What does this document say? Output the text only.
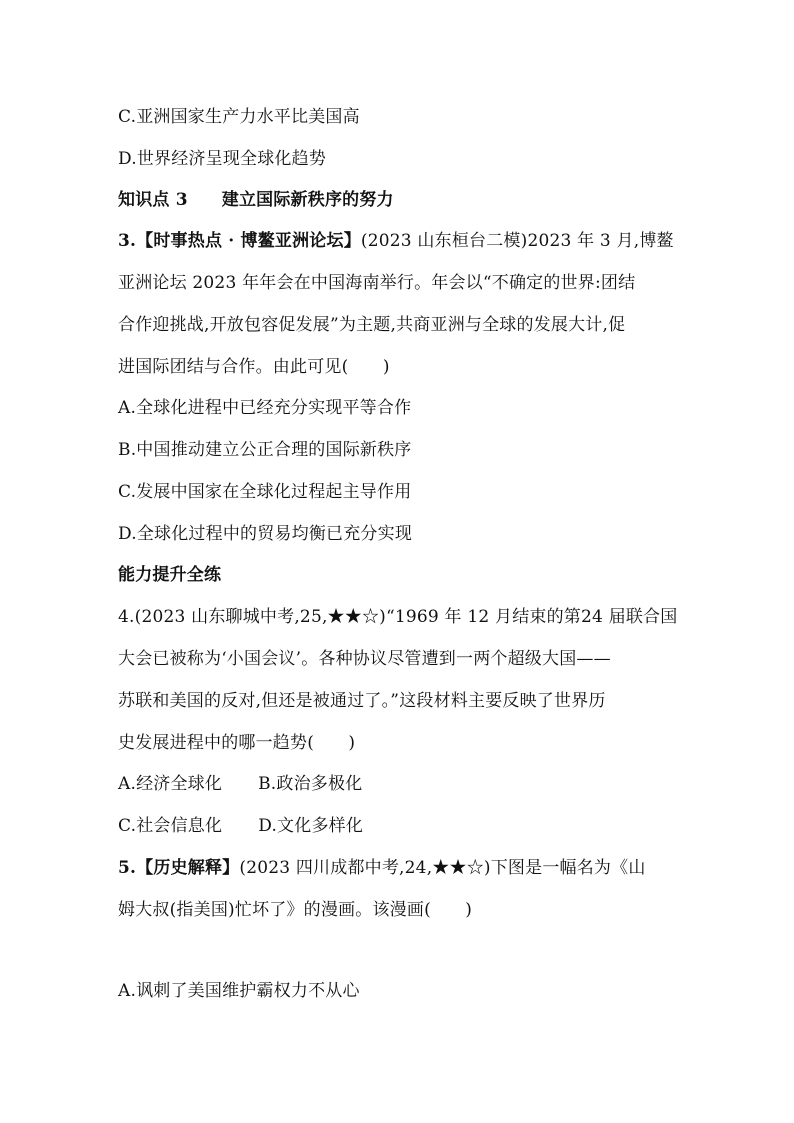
C.亚洲国家生产力水平比美国高
D.世界经济呈现全球化趋势
知识点 3 建立国际新秩序的努力
3.【时事热点 · 博鳌亚洲论坛】(2023 山东桓台二模)2023 年 3 月,博鳌
亚洲论坛 2023 年年会在中国海南举行。年会以“不确定的世界:团结
合作迎挑战,开放包容促发展”为主题,共商亚洲与全球的发展大计,促
进国际团结与合作。由此可见(　　)
A.全球化进程中已经充分实现平等合作
B.中国推动建立公正合理的国际新秩序
C.发展中国家在全球化过程起主导作用
D.全球化过程中的贸易均衡已充分实现
能力提升全练
4.(2023 山东聊城中考,25,★★☆)“1969 年 12 月结束的第24 届联合国
大会已被称为‘小国会议’。各种协议尽管遭到一两个超级大国——
苏联和美国的反对,但还是被通过了。”这段材料主要反映了世界历
史发展进程中的哪一趋势(　　)
A.经济全球化 B.政治多极化
C.社会信息化 D.文化多样化
5.【历史解释】(2023 四川成都中考,24,★★☆)下图是一幅名为《山
姆大叔(指美国)忙坏了》的漫画。该漫画(　　)
A.讽刺了美国维护霸权力不从心
